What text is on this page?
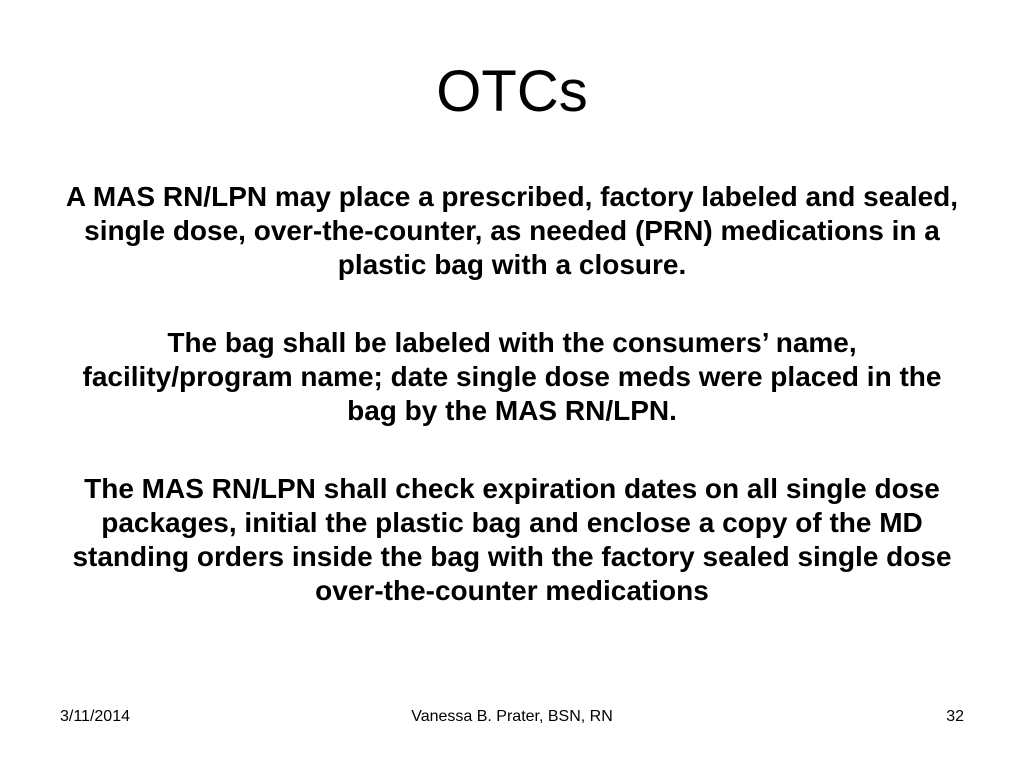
OTCs

A MAS RN/LPN may place a prescribed, factory labeled and sealed, single dose, over-the-counter, as needed (PRN) medications in a plastic bag with a closure.

The bag shall be labeled with the consumers’ name, facility/program name; date single dose meds were placed in the bag by the MAS RN/LPN.

The MAS RN/LPN shall check expiration dates on all single dose packages, initial the plastic bag and enclose a copy of the MD standing orders inside the bag with the factory sealed single dose over-the-counter medications

Vanessa B. Prater, BSN, RN
3/11/2014	32
